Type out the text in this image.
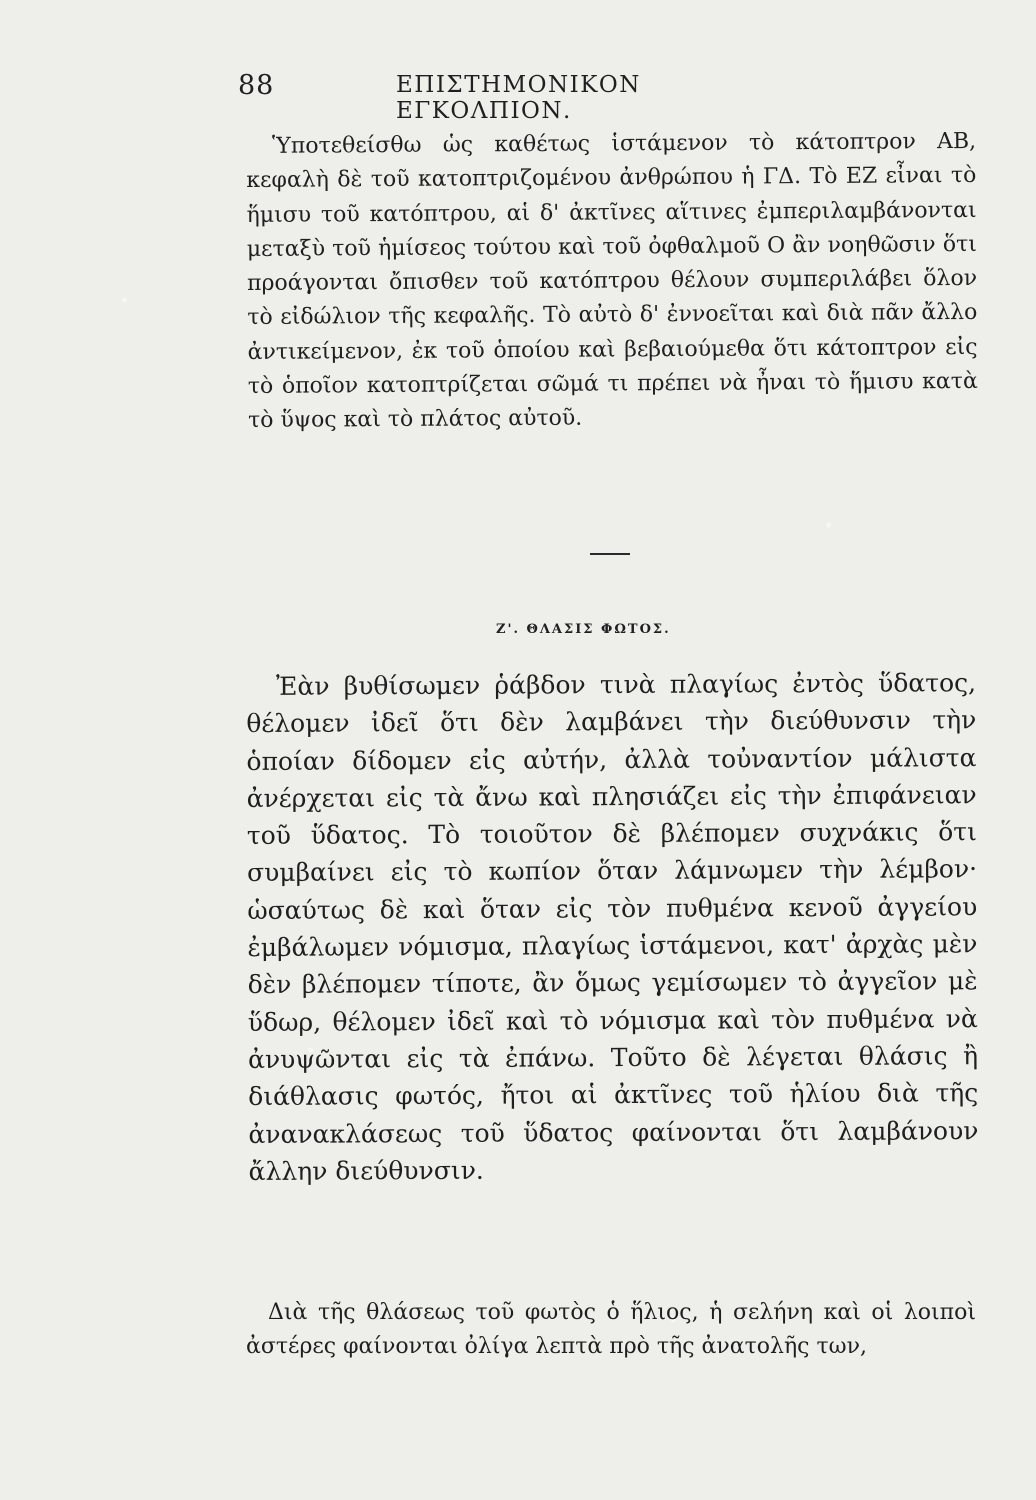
88	ΕΠΙΣΤΗΜΟΝΙΚΟΝ ΕΓΚΟΛΠΙΟΝ.

Ὑποτεθείσθω ὡς καθέτως ἱστάμενον τὸ κάτοπτρον ΑΒ, κεφαλὴ δὲ τοῦ κατοπτριζομένου ἀνθρώπου ἡ ΓΔ. Τὸ ΕΖ εἶναι τὸ ἥμισυ τοῦ κατόπτρου, αἱ δ' ἀκτῖνες αἵτινες ἐμπεριλαμβάνονται μεταξὺ τοῦ ἡμίσεος τούτου καὶ τοῦ ὀφθαλμοῦ Ο ἂν νοηθῶσιν ὅτι προάγονται ὄπισθεν τοῦ κατόπτρου θέλουν συμπεριλάβει ὅλον τὸ εἰδώλιον τῆς κεφαλῆς. Τὸ αὐτὸ δ' ἐννοεῖται καὶ διὰ πᾶν ἄλλο ἀντικείμενον, ἐκ τοῦ ὁποίου καὶ βεβαιούμεθα ὅτι κάτοπτρον εἰς τὸ ὁποῖον κατοπτρίζεται σῶμά τι πρέπει νὰ ἦναι τὸ ἥμισυ κατὰ τὸ ὕψος καὶ τὸ πλάτος αὐτοῦ.

Ζ'. ΘΛΑΣΙΣ ΦΩΤΟΣ.

Ἐὰν βυθίσωμεν ῥάβδον τινὰ πλαγίως ἐντὸς ὕδατος, θέλομεν ἰδεῖ ὅτι δὲν λαμβάνει τὴν διεύθυνσιν τὴν ὁποίαν δίδομεν εἰς αὐτήν, ἀλλὰ τοὐναντίον μάλιστα ἀνέρχεται εἰς τὰ ἄνω καὶ πλησιάζει εἰς τὴν ἐπιφάνειαν τοῦ ὕδατος. Τὸ τοιοῦτον δὲ βλέπομεν συχνάκις ὅτι συμβαίνει εἰς τὸ κωπίον ὅταν λάμνωμεν τὴν λέμβον· ὡσαύτως δὲ καὶ ὅταν εἰς τὸν πυθμένα κενοῦ ἀγγείου ἐμβάλωμεν νόμισμα, πλαγίως ἱστάμενοι, κατ' ἀρχὰς μὲν δὲν βλέπομεν τίποτε, ἂν ὅμως γεμίσωμεν τὸ ἀγγεῖον μὲ ὕδωρ, θέλομεν ἰδεῖ καὶ τὸ νόμισμα καὶ τὸν πυθμένα νὰ ἀνυψῶνται εἰς τὰ ἐπάνω. Τοῦτο δὲ λέγεται θλάσις ἢ διάθλασις φωτός, ἤτοι αἱ ἀκτῖνες τοῦ ἡλίου διὰ τῆς ἀνανακλάσεως τοῦ ὕδατος φαίνονται ὅτι λαμβάνουν ἄλλην διεύθυνσιν.

Διὰ τῆς θλάσεως τοῦ φωτὸς ὁ ἥλιος, ἡ σελήνη καὶ οἱ λοιποὶ ἀστέρες φαίνονται ὀλίγα λεπτὰ πρὸ τῆς ἀνατολῆς των,
